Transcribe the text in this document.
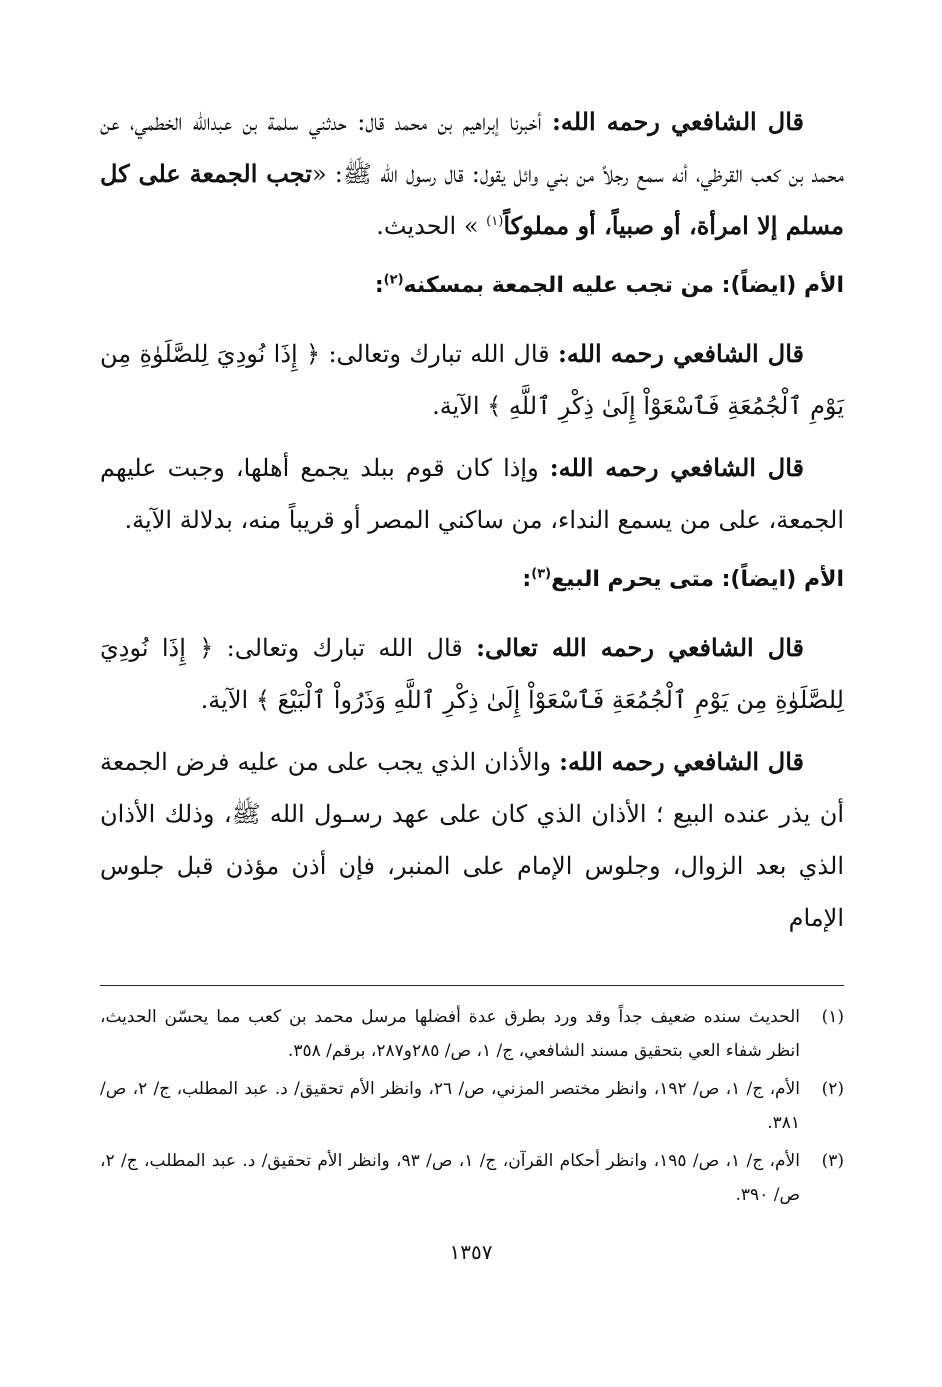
قال الشافعي رحمه الله: أخبرنا إبراهيم بن محمد قال: حدثني سلمة بن عبدالله الخطمي، عن محمد بن كعب القرظي، أنه سمع رجلاً من بني وائل يقول: قال رسول الله ﷺ: «تجب الجمعة على كل مسلم إلا امرأة، أو صبياً، أو مملوكاً$^{(١)}$ » الحديث.

الأم (ايضاً): من تجب عليه الجمعة بمسكنه$^{(٢)}$:

قال الشافعي رحمه الله: قال الله تبارك وتعالى: ﴿ إِذَا نُودِيَ لِلصَّلَوٰةِ مِن يَوْمِ ٱلْجُمُعَةِ فَٱسْعَوْاْ إِلَىٰ ذِكْرِ ٱللَّهِ ﴾ الآية.

قال الشافعي رحمه الله: وإذا كان قوم ببلد يجمع أهلها، وجبت عليهم الجمعة، على من يسمع النداء، من ساكني المصر أو قريباً منه، بدلالة الآية.

الأم (ايضاً): متى يحرم البيع$^{(٣)}$:

قال الشافعي رحمه الله تعالى: قال الله تبارك وتعالى: ﴿ إِذَا نُودِيَ لِلصَّلَوٰةِ مِن يَوْمِ ٱلْجُمُعَةِ فَٱسْعَوْاْ إِلَىٰ ذِكْرِ ٱللَّهِ وَذَرُواْ ٱلْبَيْعَ ﴾ الآية.

قال الشافعي رحمه الله: والأذان الذي يجب على من عليه فرض الجمعة أن يذر عنده البيع ؛ الأذان الذي كان على عهد رسـول الله ﷺ، وذلك الأذان الذي بعد الزوال، وجلوس الإمام على المنبر، فإن أذن مؤذن قبل جلوس الإمام

(١)
الحديث سنده ضعيف جداً وقد ورد بطرق عدة أفضلها مرسل محمد بن كعب مما يحسّن الحديث، انظر شفاء العي بتحقيق مسند الشافعي، ج/ ١، ص/ ٢٨٥و٢٨٧، برقم/ ٣٥٨.
(٢)
الأم، ج/ ١، ص/ ١٩٢، وانظر مختصر المزني، ص/ ٢٦، وانظر الأم تحقيق/ د. عبد المطلب، ج/ ٢، ص/ ٣٨١.
(٣)
الأم، ج/ ١، ص/ ١٩٥، وانظر أحكام القرآن، ج/ ١، ص/ ٩٣، وانظر الأم تحقيق/ د. عبد المطلب، ج/ ٢، ص/ ٣٩٠.
١٣٥٧
